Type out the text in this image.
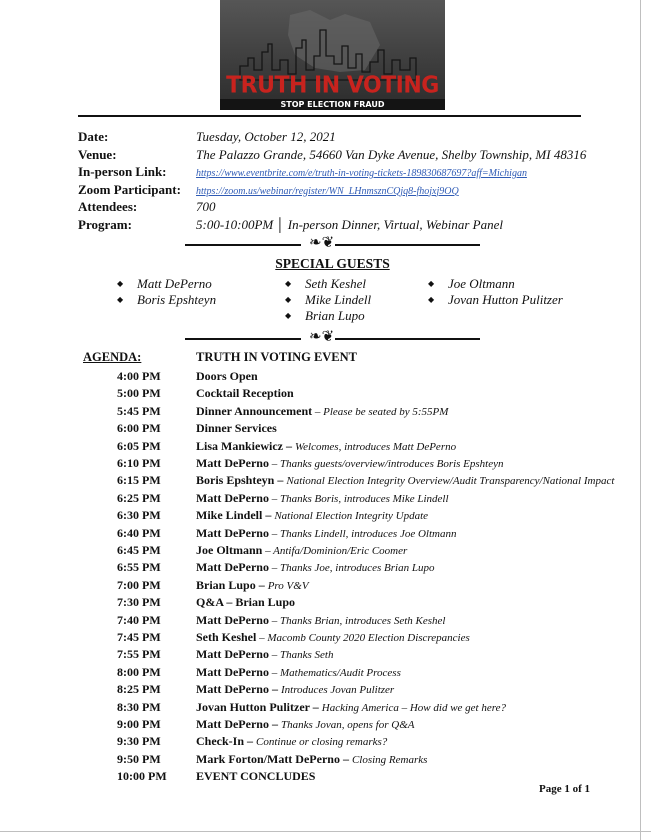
TRUTH IN VOTING
STOP ELECTION FRAUD
Date:	Tuesday, October 12, 2021
Venue:	The Palazzo Grande, 54660 Van Dyke Avenue, Shelby Township, MI 48316
In-person Link:	https://www.eventbrite.com/e/truth-in-voting-tickets-189830687697?aff=Michigan
Zoom Participant: https://zoom.us/webinar/register/WN_LHnmsznCQjq8-fhojxj9OQ
Attendees:	700
Program:	5:00-10:00PM │ In-person Dinner, Virtual, Webinar Panel
❧❦
SPECIAL GUESTS
◆ Matt DePerno
◆ Boris Epshteyn
◆ Seth Keshel
◆ Mike Lindell
◆ Brian Lupo
◆ Joe Oltmann
◆ Jovan Hutton Pulitzer
❧❦
AGENDA:	TRUTH IN VOTING EVENT
4:00 PM	Doors Open
5:00 PM	Cocktail Reception
5:45 PM	Dinner Announcement – Please be seated by 5:55PM
6:00 PM	Dinner Services
6:05 PM	Lisa Mankiewicz – Welcomes, introduces Matt DePerno
6:10 PM	Matt DePerno – Thanks guests/overview/introduces Boris Epshteyn
6:15 PM	Boris Epshteyn – National Election Integrity Overview/Audit Transparency/National Impact
6:25 PM	Matt DePerno – Thanks Boris, introduces Mike Lindell
6:30 PM	Mike Lindell – National Election Integrity Update
6:40 PM	Matt DePerno – Thanks Lindell, introduces Joe Oltmann
6:45 PM	Joe Oltmann – Antifa/Dominion/Eric Coomer
6:55 PM	Matt DePerno – Thanks Joe, introduces Brian Lupo
7:00 PM	Brian Lupo – Pro V&V
7:30 PM	Q&A – Brian Lupo
7:40 PM	Matt DePerno – Thanks Brian, introduces Seth Keshel
7:45 PM	Seth Keshel – Macomb County 2020 Election Discrepancies
7:55 PM	Matt DePerno – Thanks Seth
8:00 PM	Matt DePerno – Mathematics/Audit Process
8:25 PM	Matt DePerno – Introduces Jovan Pulitzer
8:30 PM	Jovan Hutton Pulitzer – Hacking America – How did we get here?
9:00 PM	Matt DePerno – Thanks Jovan, opens for Q&A
9:30 PM	Check-In – Continue or closing remarks?
9:50 PM	Mark Forton/Matt DePerno – Closing Remarks
10:00 PM EVENT CONCLUDES
Page 1 of 1
